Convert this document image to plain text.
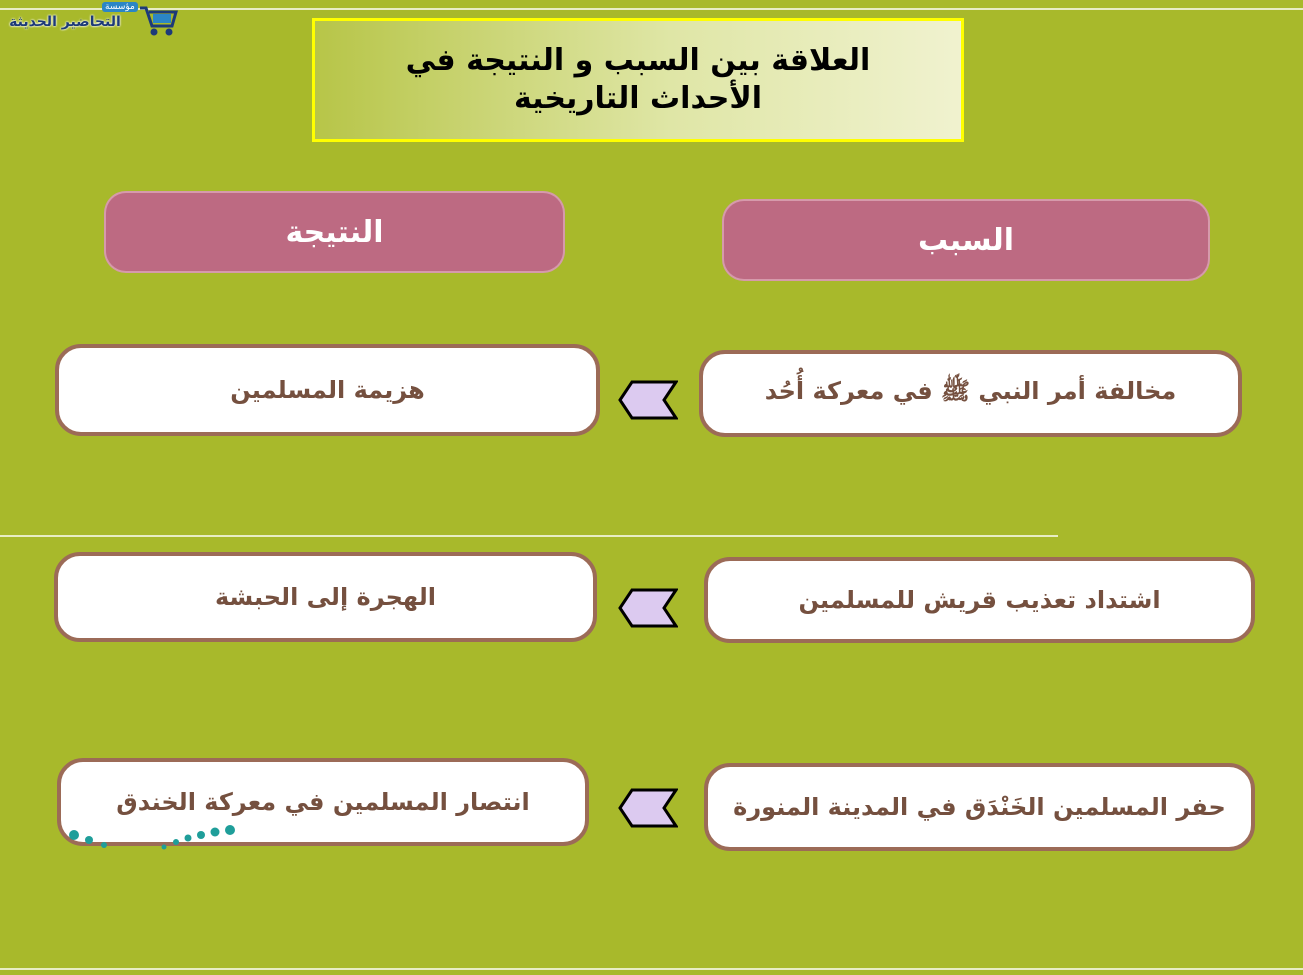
التحاضير الحديثة
مؤسسة
العلاقة بين السبب و النتيجة في الأحداث التاريخية
النتيجة	السبب
هزيمة المسلمين	مخالفة أمر النبي ﷺ في معركة أُحُد
الهجرة إلى الحبشة	اشتداد تعذيب قريش للمسلمين
انتصار المسلمين في معركة الخندق	حفر المسلمين الخَنْدَق في المدينة المنورة
